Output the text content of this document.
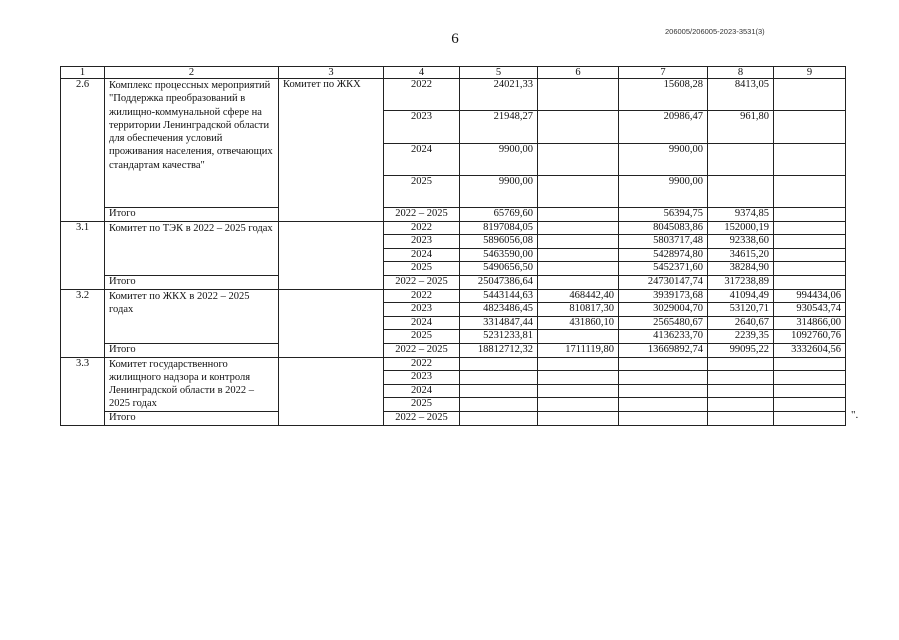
6	206005/206005-2023-3531(3)
1	2	3	4	5	6	7	8	9
2.6	Комплекс процессных мероприятий "Поддержка преобразований в жилищно-коммунальной сфере на территории Ленинградской области для обеспечения условий проживания населения, отвечающих стандартам качества"	Комитет по ЖКХ	2022	24021,33		15608,28	8413,05	
			2023	21948,27		20986,47	961,80	
			2024	9900,00		9900,00		
			2025	9900,00		9900,00		
	Итого		2022 – 2025	65769,60		56394,75	9374,85	
3.1	Комитет по ТЭК в 2022 – 2025 годах		2022	8197084,05		8045083,86	152000,19	
			2023	5896056,08		5803717,48	92338,60	
			2024	5463590,00		5428974,80	34615,20	
			2025	5490656,50		5452371,60	38284,90	
	Итого		2022 – 2025	25047386,64		24730147,74	317238,89	
3.2	Комитет по ЖКХ в 2022 – 2025 годах		2022	5443144,63	468442,40	3939173,68	41094,49	994434,06
			2023	4823486,45	810817,30	3029004,70	53120,71	930543,74
			2024	3314847,44	431860,10	2565480,67	2640,67	314866,00
			2025	5231233,81		4136233,70	2239,35	1092760,76
	Итого		2022 – 2025	18812712,32	1711119,80	13669892,74	99095,22	3332604,56
3.3	Комитет государственного жилищного надзора и контроля Ленинградской области в 2022 – 2025 годах		2022					
			2023					
			2024					
			2025					
	Итого		2022 – 2025						".
